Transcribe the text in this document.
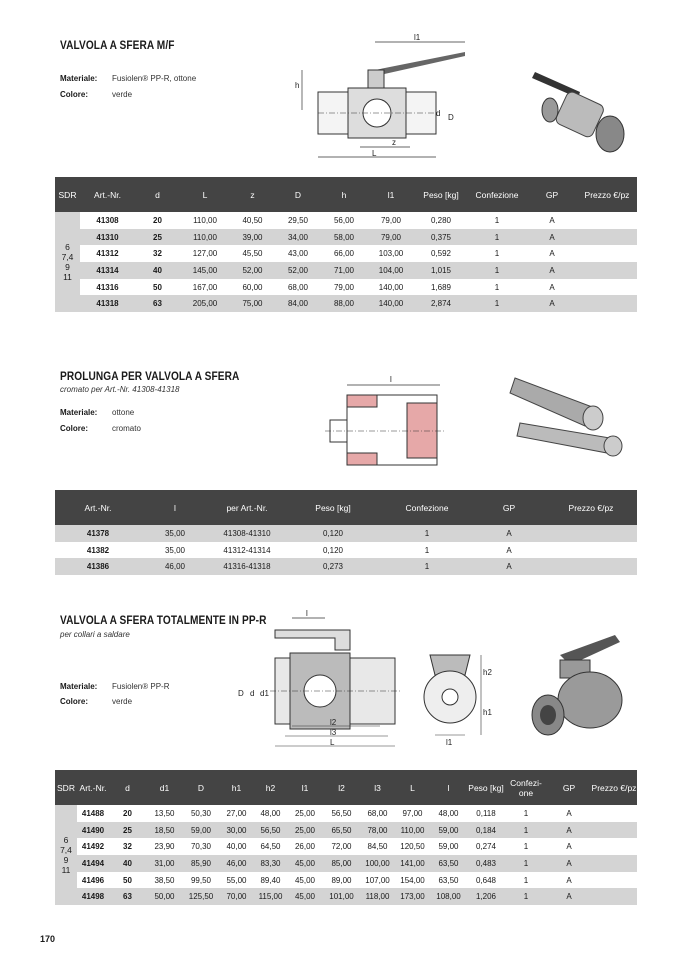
VALVOLA A SFERA M/F
Materiale:	Fusiolen® PP-R, ottone
Colore:	verde
l1
h
d D
z
L
SDR	Art.-Nr.	d	L	z	D	h	l1	Peso [kg]	Confezione	GP	Prezzo €/pz

6
7,4
9
11	41308	20	110,00	40,50	29,50	56,00	79,00	0,280	1	A	
	41310	25	110,00	39,00	34,00	58,00	79,00	0,375	1	A	
	41312	32	127,00	45,50	43,00	66,00	103,00	0,592	1	A	
	41314	40	145,00	52,00	52,00	71,00	104,00	1,015	1	A	
	41316	50	167,00	60,00	68,00	79,00	140,00	1,689	1	A	
	41318	63	205,00	75,00	84,00	88,00	140,00	2,874	1	A	
PROLUNGA PER VALVOLA A SFERA
cromato per Art.-Nr. 41308-41318
Materiale:	ottone
Colore:	cromato
l
Art.-Nr.	l	per Art.-Nr.	Peso [kg]	Confezione	GP	Prezzo €/pz
41378	35,00	41308-41310	0,120	1	A	
41382	35,00	41312-41314	0,120	1	A	
41386	46,00	41316-41318	0,273	1	A	
VALVOLA A SFERA TOTALMENTE IN PP-R
per collari a saldare
Materiale:	Fusiolen® PP-R
Colore:	verde
l
D d d1
l2
l3
L
h2
h1
l1
SDR	Art.-Nr.	d	d1	D	h1	h2	l1	l2	l3	L	l	Peso [kg]	Confezi-one	GP	Prezzo €/pz

6
7,4
9
11	41488	20	13,50	50,30	27,00	48,00	25,00	56,50	68,00	97,00	48,00	0,118	1	A	
	41490	25	18,50	59,00	30,00	56,50	25,00	65,50	78,00	110,00	59,00	0,184	1	A	
	41492	32	23,90	70,30	40,00	64,50	26,00	72,00	84,50	120,50	59,00	0,274	1	A	
	41494	40	31,00	85,90	46,00	83,30	45,00	85,00	100,00	141,00	63,50	0,483	1	A	
	41496	50	38,50	99,50	55,00	89,40	45,00	89,00	107,00	154,00	63,50	0,648	1	A	
	41498	63	50,00	125,50	70,00	115,00	45,00	101,00	118,00	173,00	108,00	1,206	1	A	
170
